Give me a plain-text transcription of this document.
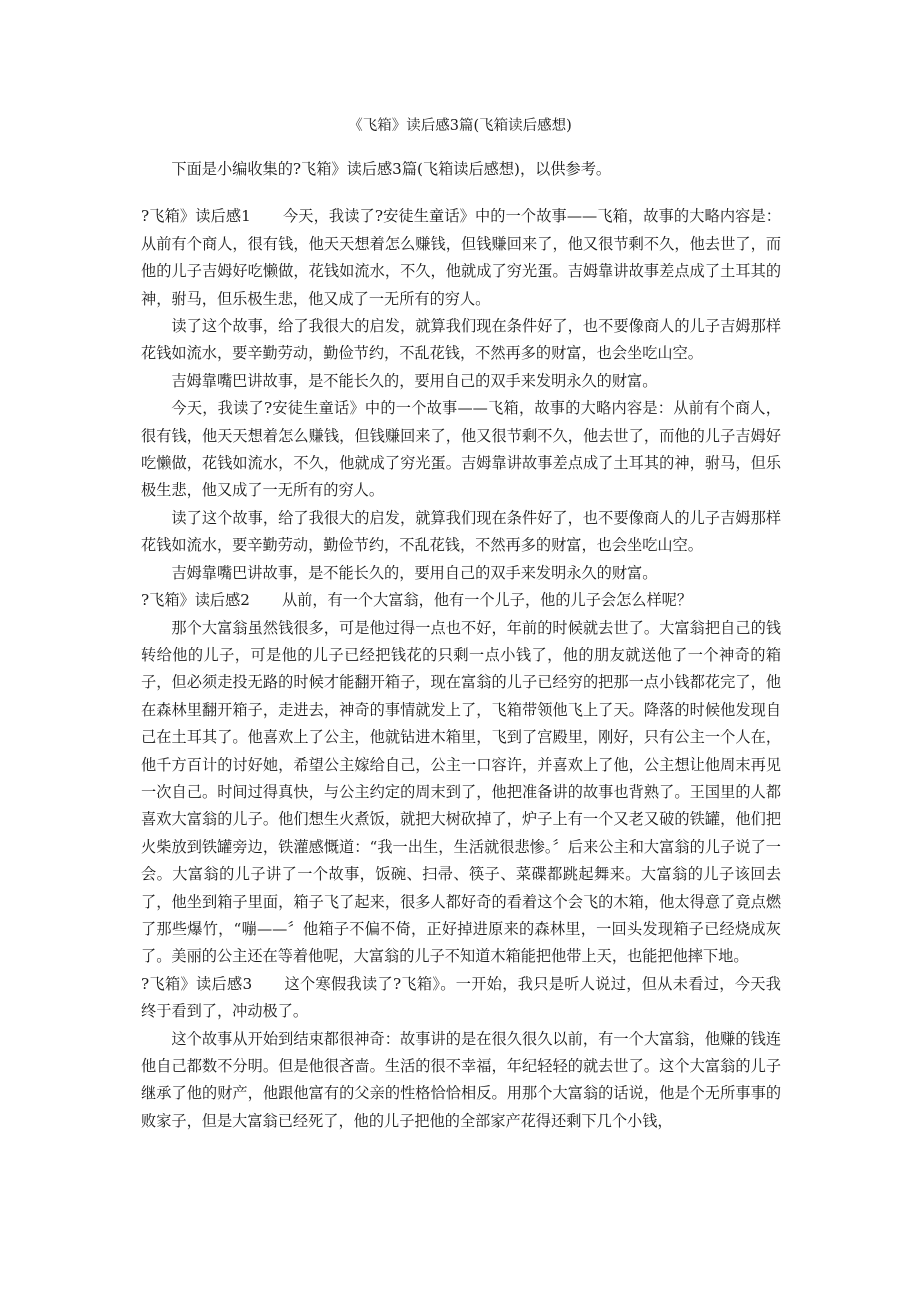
《飞箱》读后感3篇(飞箱读后感想)

下面是小编收集的?飞箱》读后感3篇(飞箱读后感想)，以供参考。

?飞箱》读后感1 今天，我读了?安徒生童话》中的一个故事——飞箱，故事的大略内容是：从前有个商人，很有钱，他天天想着怎么赚钱，但钱赚回来了，他又很节剩不久，他去世了，而他的儿子吉姆好吃懒做，花钱如流水，不久，他就成了穷光蛋。吉姆靠讲故事差点成了土耳其的神，驸马，但乐极生悲，他又成了一无所有的穷人。

读了这个故事，给了我很大的启发，就算我们现在条件好了，也不要像商人的儿子吉姆那样花钱如流水，要辛勤劳动，勤俭节约，不乱花钱，不然再多的财富，也会坐吃山空。

吉姆靠嘴巴讲故事，是不能长久的，要用自己的双手来发明永久的财富。

今天，我读了?安徒生童话》中的一个故事——飞箱，故事的大略内容是：从前有个商人，很有钱，他天天想着怎么赚钱，但钱赚回来了，他又很节剩不久，他去世了，而他的儿子吉姆好吃懒做，花钱如流水，不久，他就成了穷光蛋。吉姆靠讲故事差点成了土耳其的神，驸马，但乐极生悲，他又成了一无所有的穷人。

读了这个故事，给了我很大的启发，就算我们现在条件好了，也不要像商人的儿子吉姆那样花钱如流水，要辛勤劳动，勤俭节约，不乱花钱，不然再多的财富，也会坐吃山空。

吉姆靠嘴巴讲故事，是不能长久的，要用自己的双手来发明永久的财富。

?飞箱》读后感2 从前，有一个大富翁，他有一个儿子，他的儿子会怎么样呢？

那个大富翁虽然钱很多，可是他过得一点也不好，年前的时候就去世了。大富翁把自己的钱转给他的儿子，可是他的儿子已经把钱花的只剩一点小钱了，他的朋友就送他了一个神奇的箱子，但必须走投无路的时候才能翻开箱子，现在富翁的儿子已经穷的把那一点小钱都花完了，他在森林里翻开箱子，走进去，神奇的事情就发上了，飞箱带领他飞上了天。降落的时候他发现自己在土耳其了。他喜欢上了公主，他就钻进木箱里，飞到了宫殿里，刚好，只有公主一个人在，他千方百计的讨好她，希望公主嫁给自己，公主一口容许，并喜欢上了他，公主想让他周末再见一次自己。时间过得真快，与公主约定的周末到了，他把准备讲的故事也背熟了。王国里的人都喜欢大富翁的儿子。他们想生火煮饭，就把大树砍掉了，炉子上有一个又老又破的铁罐，他们把火柴放到铁罐旁边，铁灌感慨道：“我一出生，生活就很悲惨。〞后来公主和大富翁的儿子说了一会。大富翁的儿子讲了一个故事，饭碗、扫帚、筷子、菜碟都跳起舞来。大富翁的儿子该回去了，他坐到箱子里面，箱子飞了起来，很多人都好奇的看着这个会飞的木箱，他太得意了竟点燃了那些爆竹，“嘣——〞他箱子不偏不倚，正好掉进原来的森林里，一回头发现箱子已经烧成灰了。美丽的公主还在等着他呢，大富翁的儿子不知道木箱能把他带上天，也能把他摔下地。

?飞箱》读后感3 这个寒假我读了?飞箱》。一开始，我只是听人说过，但从未看过，今天我终于看到了，冲动极了。

这个故事从开始到结束都很神奇：故事讲的是在很久很久以前，有一个大富翁，他赚的钱连他自己都数不分明。但是他很吝啬。生活的很不幸福，年纪轻轻的就去世了。这个大富翁的儿子继承了他的财产，他跟他富有的父亲的性格恰恰相反。用那个大富翁的话说，他是个无所事事的败家子，但是大富翁已经死了，他的儿子把他的全部家产花得还剩下几个小钱，
